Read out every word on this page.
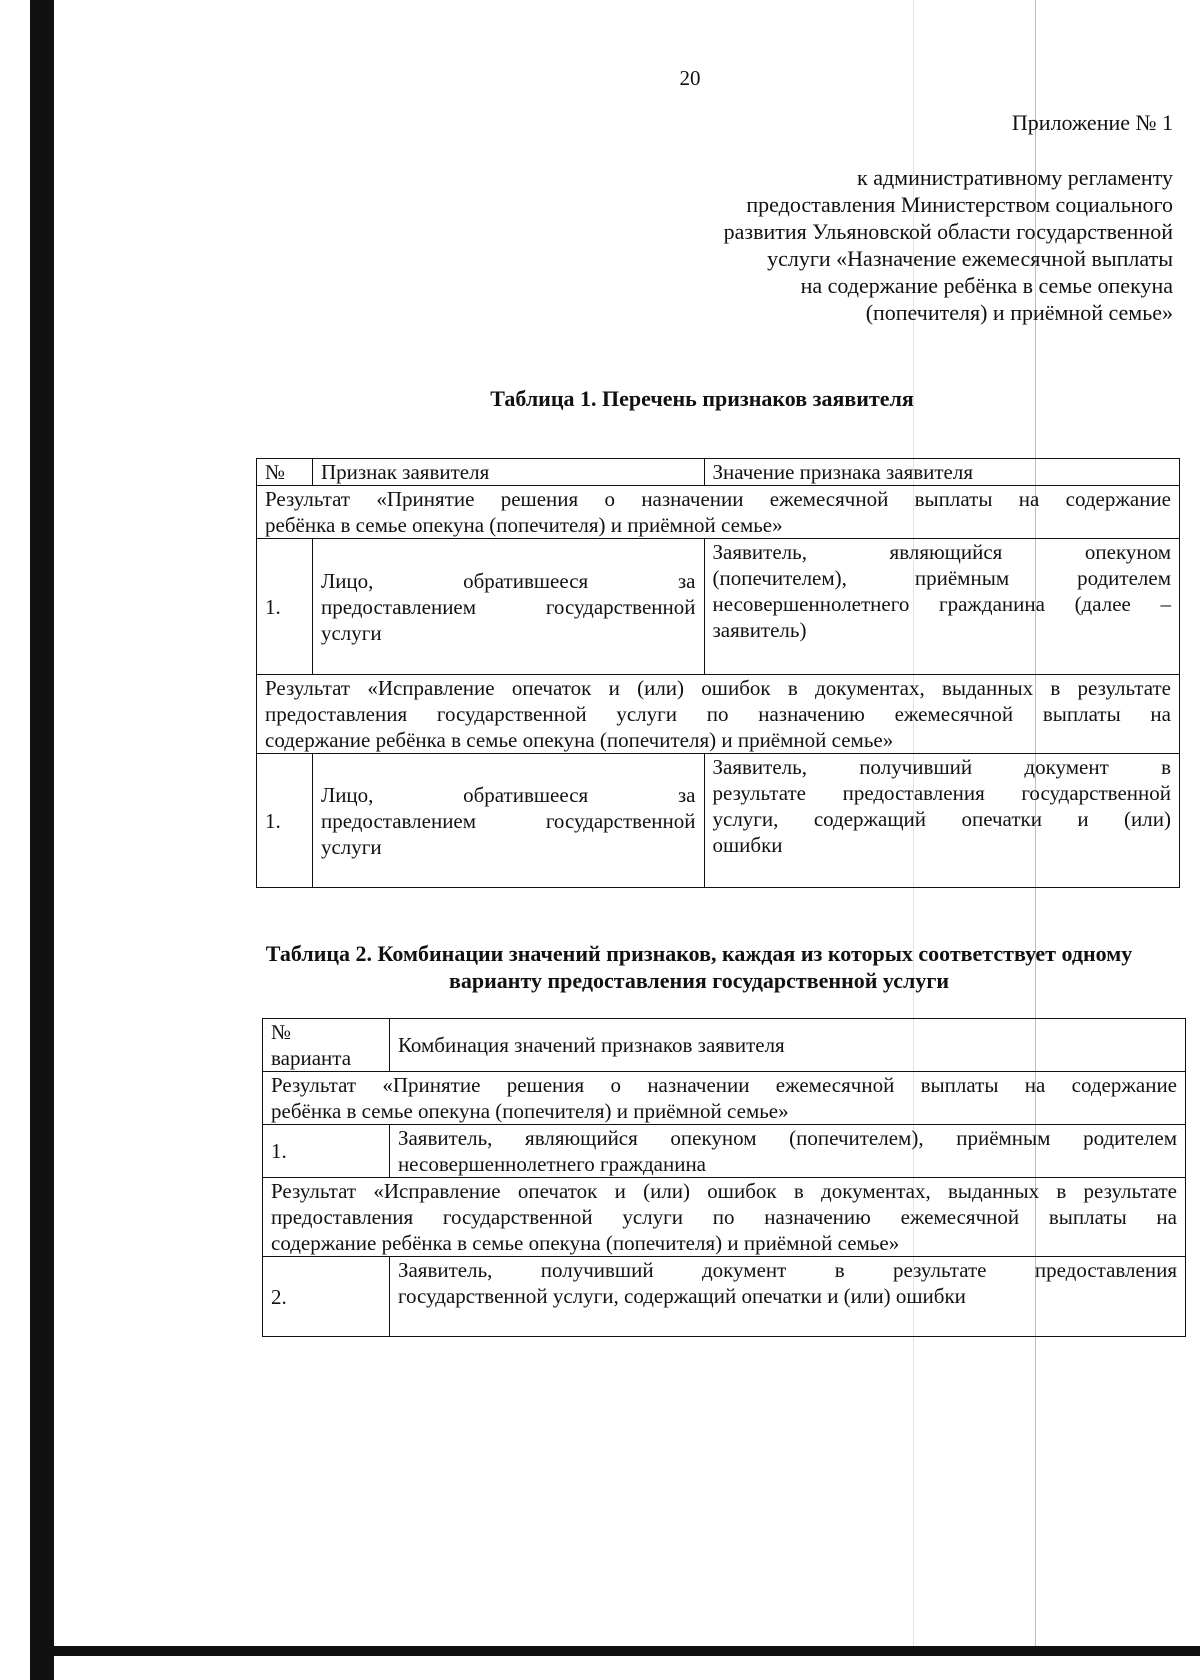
20
Приложение № 1
к административному регламенту
предоставления Министерством социального
развития Ульяновской области государственной
услуги «Назначение ежемесячной выплаты
на содержание ребёнка в семье опекуна
(попечителя) и приёмной семье»
Таблица 1. Перечень признаков заявителя
№	Признак заявителя	Значение признака заявителя

Результат «Принятие решения о назначении ежемесячной выплаты на содержание
ребёнка в семье опекуна (попечителя) и приёмной семье»		

1.	Лицо, обратившееся за
предоставлением государственной
услуги	Заявитель, являющийся опекуном
(попечителем), приёмным родителем
несовершеннолетнего гражданина (далее –
заявитель)

Результат «Исправление опечаток и (или) ошибок в документах, выданных в результате
предоставления государственной услуги по назначению ежемесячной выплаты на
содержание ребёнка в семье опекуна (попечителя) и приёмной семье»		

1.	Лицо, обратившееся за
предоставлением государственной
услуги	Заявитель, получивший документ в
результате предоставления государственной
услуги, содержащий опечатки и (или)
ошибки
Таблица 2. Комбинации значений признаков, каждая из которых соответствует одному
варианту предоставления государственной услуги
№
варианта	Комбинация значений признаков заявителя

Результат «Принятие решения о назначении ежемесячной выплаты на содержание
ребёнка в семье опекуна (попечителя) и приёмной семье»	

1.	Заявитель, являющийся опекуном (попечителем), приёмным родителем
несовершеннолетнего гражданина

Результат «Исправление опечаток и (или) ошибок в документах, выданных в результате
предоставления государственной услуги по назначению ежемесячной выплаты на
содержание ребёнка в семье опекуна (попечителя) и приёмной семье»	

2.	Заявитель, получивший документ в результате предоставления
государственной услуги, содержащий опечатки и (или) ошибки
